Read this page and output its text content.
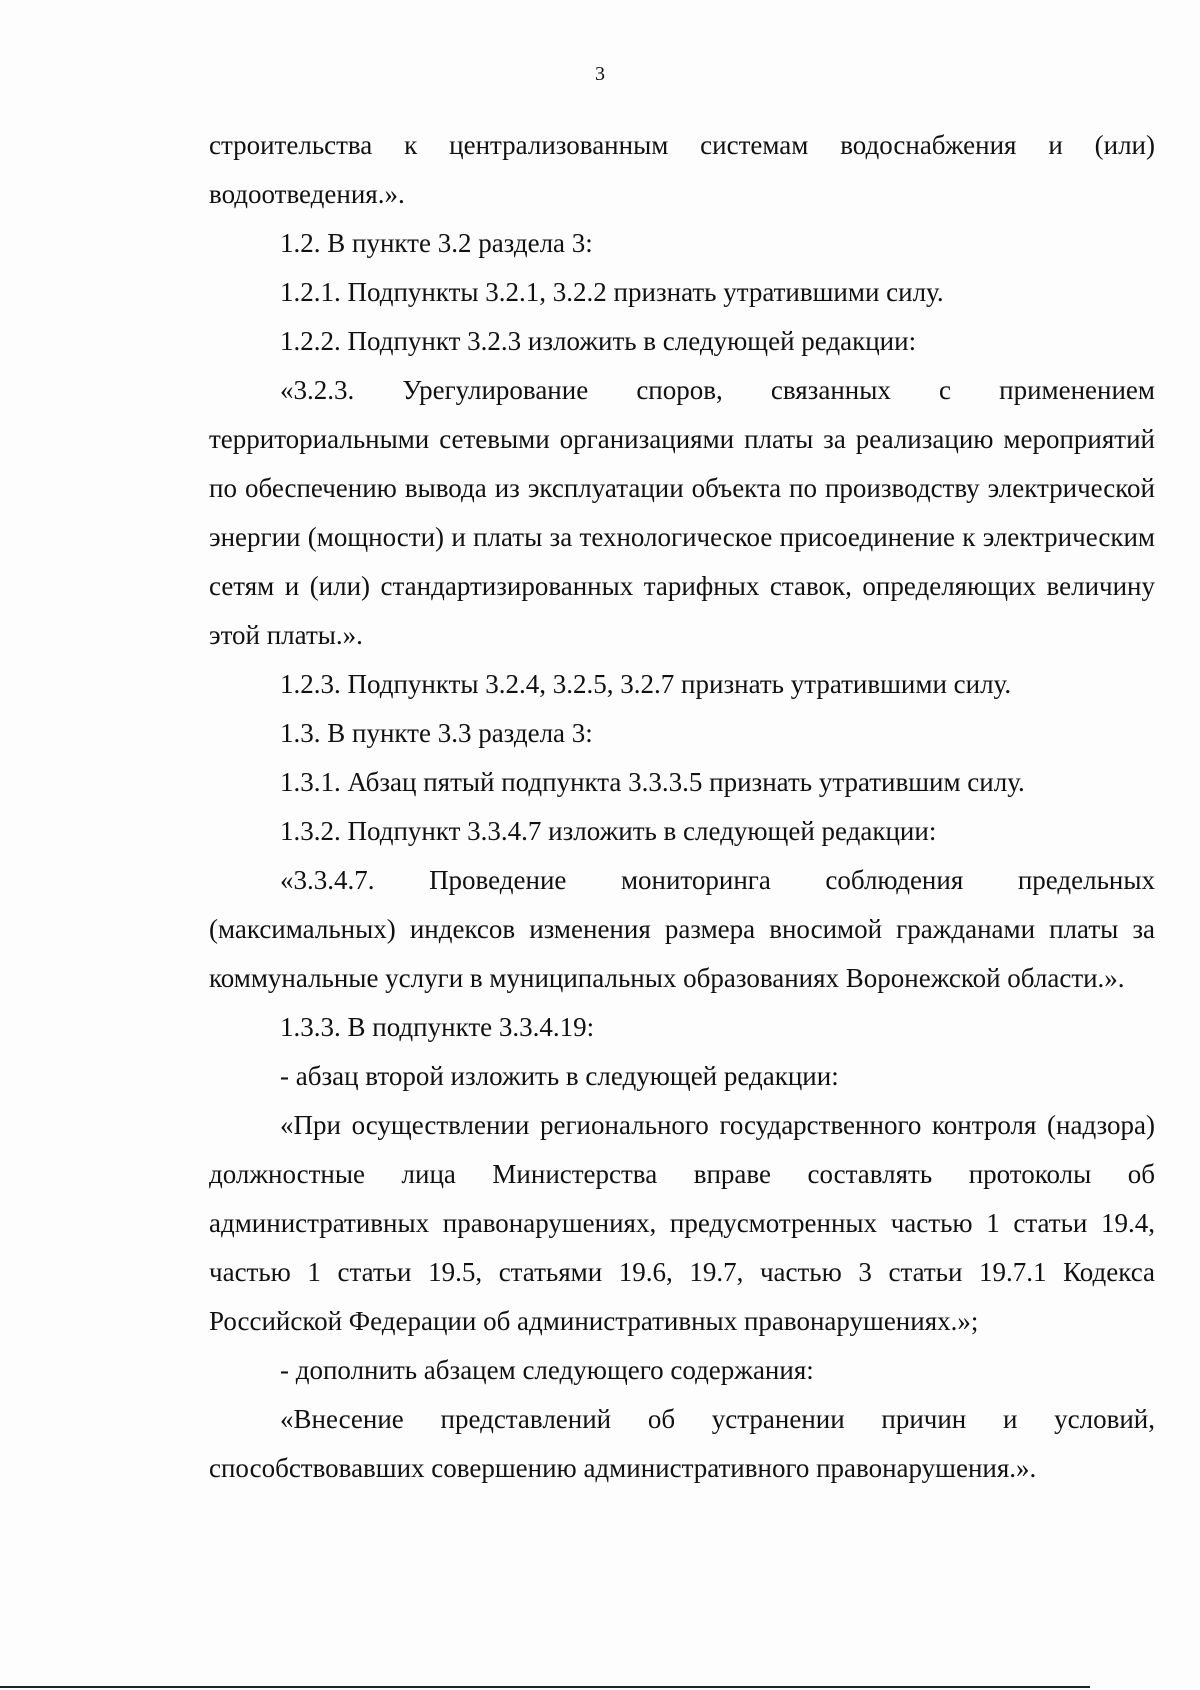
3

строительства к централизованным системам водоснабжения и (или) водоотведения.».

1.2. В пункте 3.2 раздела 3:

1.2.1. Подпункты 3.2.1, 3.2.2 признать утратившими силу.

1.2.2. Подпункт 3.2.3 изложить в следующей редакции:

«3.2.3. Урегулирование споров, связанных с применением территориальными сетевыми организациями платы за реализацию мероприятий по обеспечению вывода из эксплуатации объекта по производству электрической энергии (мощности) и платы за технологическое присоединение к электрическим сетям и (или) стандартизированных тарифных ставок, определяющих величину этой платы.».

1.2.3. Подпункты 3.2.4, 3.2.5, 3.2.7 признать утратившими силу.

1.3. В пункте 3.3 раздела 3:

1.3.1. Абзац пятый подпункта 3.3.3.5 признать утратившим силу.

1.3.2. Подпункт 3.3.4.7 изложить в следующей редакции:

«3.3.4.7. Проведение мониторинга соблюдения предельных (максимальных) индексов изменения размера вносимой гражданами платы за коммунальные услуги в муниципальных образованиях Воронежской области.».

1.3.3. В подпункте 3.3.4.19:

- абзац второй изложить в следующей редакции:

«При осуществлении регионального государственного контроля (надзора) должностные лица Министерства вправе составлять протоколы об административных правонарушениях, предусмотренных частью 1 статьи 19.4, частью 1 статьи 19.5, статьями 19.6, 19.7, частью 3 статьи 19.7.1 Кодекса Российской Федерации об административных правонарушениях.»;

- дополнить абзацем следующего содержания:

«Внесение представлений об устранении причин и условий, способствовавших совершению административного правонарушения.».
